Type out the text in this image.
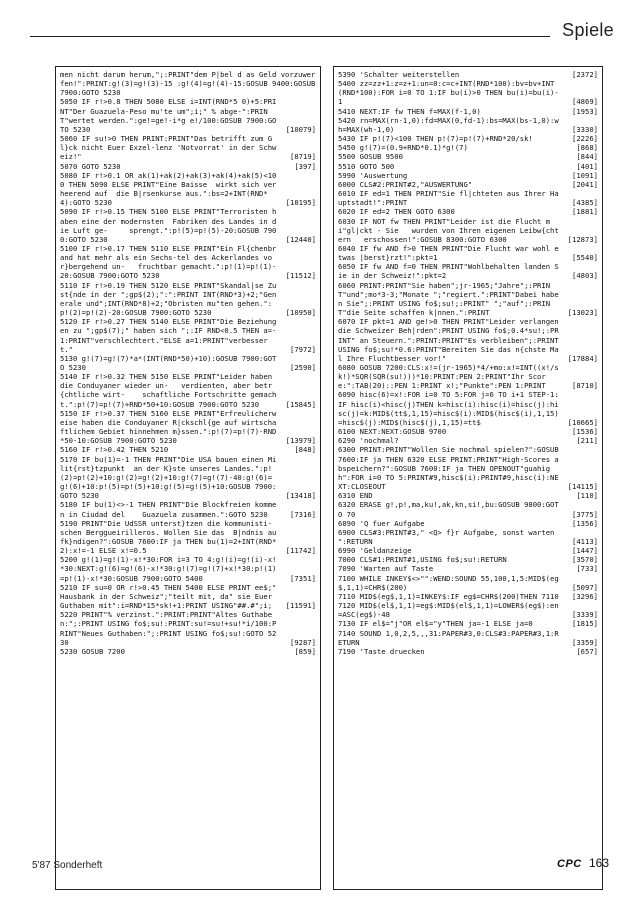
Spiele
men nicht darum herum,";:PRINT"dem P|bel d as Geld vorzuwerfen!":PRINT:g!(3)=g!(3)-15 :g!(4)=g!(4)-15:GOSUB 9400:GOSUB 7900:GOTO 5230
5050 IF r!>0.8 THEN 5080 ELSE i=INT(RND*5 0)+5:PRINT"Der Guazuela-Peso mu'te um";i;" % abge-":PRINT"wertet werden.":ge!=ge!-i*g e!/100:GOSUB 7900:GOTO 5230	[10079]
5060 IF su!>0 THEN PRINT:PRINT"Das betrifft zum Gl}ck nicht Euer Exzel-lenz 'Notvorrat' in der Schweiz!"	[8719]
5070 GOTO 5230	[397]
5080 IF r!>0.1 OR ak(1)+ak(2)+ak(3)+ak(4)+ak(5)<100 THEN 5090 ELSE PRINT"Eine Baisse  wirkt sich verheerend auf  die B|rsenkurse aus.":bs=2+INT(RND*4):GOTO 5230	[10195]
5090 IF r!>0.15 THEN 5100 ELSE PRINT"Terroristen haben eine der modernsten  Fabriken des Landes in die Luft ge-     sprengt.":p!(5)=p!(5)-20:GOSUB 7900:GOTO 5230	[12440]
5100 IF r!>0.17 THEN 5110 ELSE PRINT"Ein Fl{chenbrand hat mehr als ein Sechs-tel des Ackerlandes vor}bergehend un-   fruchtbar gemacht.":p!(1)=p!(1)-20:GOSUB 7900:GOTO 5230	[11512]
5110 IF r!>0.19 THEN 5120 ELSE PRINT"Skandal|se Zust{nde in der ";gp$(2);":":PRINT INT(RND*3)+2;"Generale und";INT(RND*8)+2;"Obristen mu"ten gehen.":p!(2)=p!(2)-20:GOSUB 7900:GOTO 5230	[10950]
5120 IF r!>0.27 THEN 5140 ELSE PRINT"Die Beziehungen zu ";gp$(7);" haben sich ";:IF RND<0.5 THEN a=-1:PRINT"verschlechtert."ELSE a=1:PRINT"verbessert."	[7972]
5130 g!(7)=g!(7)*a*(INT(RND*50)+10):GOSUB 7900:GOTO 5230	[2590]
5140 IF r!>0.32 THEN 5150 ELSE PRINT"Leider haben die Conduyaner wieder un-   verdienten, aber betr{chtliche wirt-    schaftliche Fortschritte gemacht.":p!(7)=p!(7)+RND*50+10:GOSUB 7900:GOTO 5230	[15845]
5150 IF r!>0.37 THEN 5160 ELSE PRINT"Erfreulicherweise haben die Conduyaner R|ckschl{ge auf wirtschaftlichem Gebiet hinnehmen m}ssen.":p!(7)=p!(7)-RND*50-10:GOSUB 7900:GOTO 5230	[13979]
5160 IF r!>0.42 THEN 5210	[848]
5170 IF bu(1)=-1 THEN PRINT"Die USA bauen einen Milit{rst}tzpunkt  an der K}ste unseres Landes.":p!(2)=p!(2)+10:g!(2)=g!(2)+10:g!(7)=g!(7)-40:g!(6)=g!(6)+10:p!(5)=p!(5)+10:g!(5)=g!(5)+10:GOSUB 7900:GOTO 5230	[13418]
5180 IF bu(1)<>-1 THEN PRINT"Die Blockfreien kommen in Ciudad del    Guazuela zusammen.":GOTO 5230	[7316]
5190 PRINT"Die UdSSR unterst}tzen die kommunisti-  schen Berggueirilleros. Wollen Sie das  B|ndnis aufk}ndigen?":GOSUB 7600:IF ja THEN bu(1)=2+INT(RND*2):x!=-1 ELSE x!=0.5	[11742]
5200 g!(1)=g!(1)-x!*30:FOR i=3 TO 4:g!(i)=g!(i)-x!*30:NEXT:g!(6)=g!(6)-x!*30:g!(7)=g!(7)+x!*30:p!(1)=p!(1)-x!*30:GOSUB 7900:GOTO 5400	[7351]
5210 IF su=0 OR r!>0.45 THEN 5400 ELSE PRINT ee$;" Hausbank in der Schweiz";"teilt mit, da" sie Euer Guthaben mit":i=RND*15*sk!+1:PRINT USING"##.#";i;	[11591]
5220 PRINT"% verzinst.":PRINT:PRINT"Altes Guthaben:";:PRINT USING fo$;su!:PRINT:su!=su!+su!*i/100:PRINT"Neues Guthaben:";:PRINT USING fo$;su!:GOTO 5230	[9287]
5230 GOSUB 7200	[859]
5390 'Schalter weiterstellen	[2372]
5400 zz=zz+1:z=z+1:un=0:c=c+INT(RND*100):bv=bv+INT(RND*100):FOR i=0 TO 1:IF bu(i)>0 THEN bu(i)=bu(i)-1	[4869]
5410 NEXT:IF fw THEN f=MAX(f-1,0)	[1953]
5420 rn=MAX(rn-1,0):fd=MAX(0,fd-1):bs=MAX(bs-1,0):wh=MAX(wh-1,0)	[3330]
5430 IF p!(7)<100 THEN p!(7)=p!(7)+RND*20/sk!	[2226]
5450 g!(7)=(0.9+RND*0.1)*g!(7)	[868]
5500 GOSUB 9500	[844]
5510 GOTO 500	[401]
5990 'Auswertung	[1091]
6000 CLS#2:PRINT#2,"AUSWERTUNG"	[2041]
6010 IF ed=1 THEN PRINT"Sie fl|chteten aus Ihrer Hauptstadt!":PRINT	[4385]
6020 IF ed=2 THEN GOTO 6300	[1881]
6030 IF NOT fw THEN PRINT"Leider ist die Flucht mi"gl|ckt - Sie   wurden von Ihren eigenen Leibw{chtern   erschossen!":GOSUB 8300:GOTO 6300	[12873]
6040 IF fw AND f>0 THEN PRINT"Die Flucht war wohl etwas |berst}rzt!":pkt=1	[5540]
6050 IF fw AND f=0 THEN PRINT"Wohlbehalten landen Sie in der Schweiz!":pkt=2	[4803]
6060 PRINT:PRINT"Sie haben";jr-1965;"Jahre";:PRINT"und";mo*3-3;"Monate ";"regiert.":PRINT"Dabei haben Sie";:PRINT USING fo$;su!;:PRINT" ";"auf";:PRINT"die Seite schaffen k|nnen.":PRINT	[13023]
6070 IF pkt=1 AND ge!>0 THEN PRINT"Leider verlangen die Schweizer Beh|rden":PRINT USING fo$;0.4*su!;:PRINT" an Steuern.":PRINT:PRINT"Es verbleiben";:PRINT USING fo$;su!*0.6:PRINT"Bereiten Sie das n{chste Mal Ihre Fluchtbesser vor!"	[17884]
6080 GOSUB 7200:CLS:x!=(jr-1965)*4/+mo:x!=INT((x!/sk!)*SQR(SQR(su!)))*10:PRINT:PEN 2:PRINT"Ihr Score:":TAB(20)::PEN 1:PRINT x!;"Punkte":PEN 1:PRINT	[8710]
6090 hisc(6)=x!:FOR i=0 TO 5:FOR j=6 TO i+1 STEP-1:IF hisc(i)<hisc(j)THEN k=hisc(i):hisc(i)=hisc(j):hisc(j)=k:MID$(tt$,1,15)=hisc$(i):MID$(hisc$(i),1,15)=hisc$(j):MID$(hisc$(j),1,15)=tt$	[10665]
6100 NEXT:NEXT:GOSUB 9700	[1536]
6290 'nochmal?	[211]
6300 PRINT:PRINT"Wollen Sie nochmal spielen?":GOSUB 7600:IF ja THEN 6320 ELSE PRINT:PRINT"High-Scores abspeichern?":GOSUB 7600:IF ja THEN OPENOUT"guahigh":FOR i=0 TO 5:PRINT#9,hisc$(i):PRINT#9,hisc(i):NEXT:CLOSEOUT	[14115]
6310 END	[110]
6320 ERASE g!,p!,ma,ku!,ak,kn,si!,bu:GOSUB 9800:GOTO 70	[3775]
6890 'Q fuer Aufgabe	[1356]
6900 CLS#3:PRINT#3," <Q> f}r Aufgabe, sonst warten ":RETURN	[4113]
6990 'Geldanzeige	[1447]
7000 CLS#1:PRINT#1,USING fo$;su!:RETURN	[3570]
7090 'Warten auf Taste	[733]
7100 WHILE INKEY$<>"":WEND:SOUND 55,100,1,5:MID$(eg$,1,1)=CHR$(200)	[5097]
7110 MID$(eg$,1,1)=INKEY$:IF eg$=CHR$(200)THEN 7110	[3296]
7120 MID$(el$,1,1)=eg$:MID$(el$,1,1)=LOWER$(eg$):en=ASC(eg$)-48	[3339]
7130 IF el$="j"OR el$="y"THEN ja=-1 ELSE ja=0	[1815]
7140 SOUND 1,0,2,5,,,31:PAPER#3,0:CLS#3:PAPER#3,1:RETURN	[3359]
7190 'Taste druecken	[657]
5'87 Sonderheft	CPC 163
